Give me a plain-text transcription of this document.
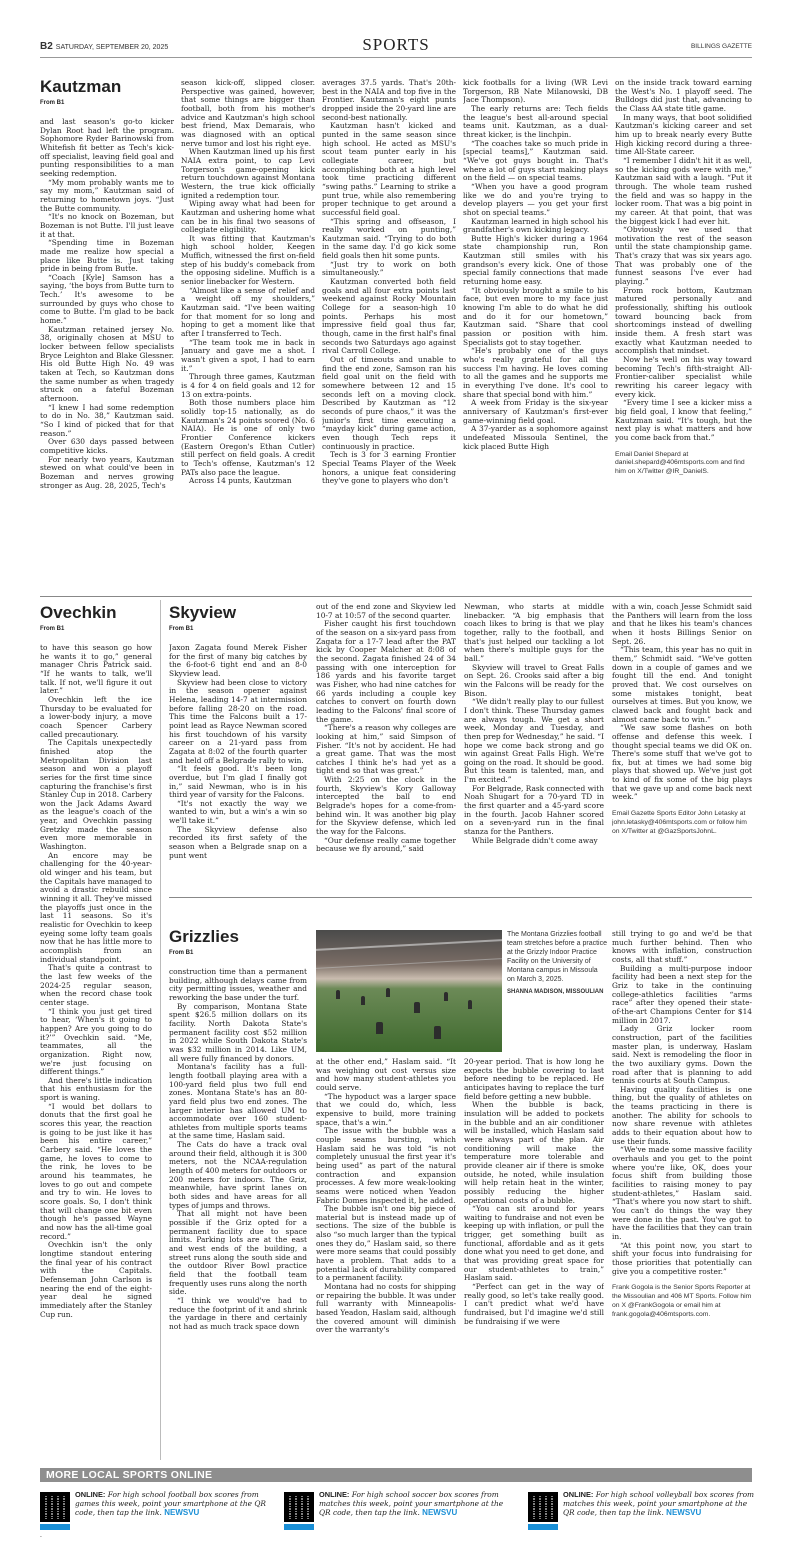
B2 SATURDAY, SEPTEMBER 20, 2025	SPORTS	BILLINGS GAZETTE
Kautzman
From B1

and last season's go-to kicker Dylan Root had left the program. Sophomore Ryder Barinowski from Whitefish fit better as Tech's kick-off specialist, leaving field goal and punting responsibilities to a man seeking redemption.

“My mom probably wants me to say my mom,” Kautzman said of returning to hometown joys. “Just the Butte community.

“It's no knock on Bozeman, but Bozeman is not Butte. I'll just leave it at that.

“Spending time in Bozeman made me realize how special a place like Butte is. Just taking pride in being from Butte.

“Coach [Kyle] Samson has a saying, ‘the boys from Butte turn to Tech.’ It's awesome to be surrounded by guys who chose to come to Butte. I'm glad to be back home.”

Kautzman retained jersey No. 38, originally chosen at MSU to locker between fellow specialists Bryce Leighton and Blake Glessner. His old Butte High No. 49 was taken at Tech, so Kautzman dons the same number as when tragedy struck on a fateful Bozeman afternoon.

“I knew I had some redemption to do in No. 38,” Kautzman said. “So I kind of picked that for that reason.”

Over 630 days passed between competitive kicks.

For nearly two years, Kautzman stewed on what could've been in Bozeman and nerves growing stronger as Aug. 28, 2025, Tech's

season kick-off, slipped closer. Perspective was gained, however, that some things are bigger than football, both from his mother's advice and Kautzman's high school best friend, Max Demarais, who was diagnosed with an optical nerve tumor and lost his right eye.

When Kautzman lined up his first NAIA extra point, to cap Levi Torgerson's game-opening kick return touchdown against Montana Western, the true kick officially ignited a redemption tour.

Wiping away what had been for Kautzman and ushering home what can be in his final two seasons of collegiate eligibility.

It was fitting that Kautzman's high school holder, Keegen Muffich, witnessed the first on-field step of his buddy's comeback from the opposing sideline. Muffich is a senior linebacker for Western.

“Almost like a sense of relief and a weight off my shoulders,” Kautzman said. “I've been waiting for that moment for so long and hoping to get a moment like that after I transferred to Tech.

“The team took me in back in January and gave me a shot. I wasn't given a spot, I had to earn it.”

Through three games, Kautzman is 4 for 4 on field goals and 12 for 13 on extra-points.

Both those numbers place him solidly top-15 nationally, as do Kautzman's 24 points scored (No. 6 NAIA). He is one of only two Frontier Conference kickers (Eastern Oregon's Ethan Cutler) still perfect on field goals. A credit to Tech's offense, Kautzman's 12 PATs also pace the league.

Across 14 punts, Kautzman

averages 37.5 yards. That's 20th-best in the NAIA and top five in the Frontier. Kautzman's eight punts dropped inside the 20-yard line are second-best nationally.

Kautzman hasn't kicked and punted in the same season since high school. He acted as MSU's scout team punter early in his collegiate career, but accomplishing both at a high level took time practicing different “swing paths.” Learning to strike a punt true, while also remembering proper technique to get around a successful field goal.

“This spring and offseason, I really worked on punting,” Kautzman said. “Trying to do both in the same day. I'd go kick some field goals then hit some punts.

“Just try to work on both simultaneously.”

Kautzman converted both field goals and all four extra points last weekend against Rocky Mountain College for a season-high 10 points. Perhaps his most impressive field goal thus far, though, came in the first half's final seconds two Saturdays ago against rival Carroll College.

Out of timeouts and unable to find the end zone, Samson ran his field goal unit on the field with somewhere between 12 and 15 seconds left on a moving clock. Described by Kautzman as “12 seconds of pure chaos,” it was the junior's first time executing a “mayday kick” during game action, even though Tech reps it continuously in practice.

Tech is 3 for 3 earning Frontier Special Teams Player of the Week honors, a unique feat considering they've gone to players who don't

kick footballs for a living (WR Levi Torgerson, RB Nate Milanowski, DB Jace Thompson).

The early returns are: Tech fields the league's best all-around special teams unit. Kautzman, as a dual-threat kicker, is the linchpin.

“The coaches take so much pride in [special teams],” Kautzman said. “We've got guys bought in. That's where a lot of guys start making plays on the field — on special teams.

“When you have a good program like we do and you're trying to develop players — you get your first shot on special teams.”

Kautzman learned in high school his grandfather's own kicking legacy.

Butte High's kicker during a 1964 state championship run, Ron Kautzman still smiles with his grandson's every kick. One of those special family connections that made returning home easy.

“It obviously brought a smile to his face, but even more to my face just knowing I'm able to do what he did and do it for our hometown,” Kautzman said. “Share that cool passion or position with him. Specialists got to stay together.

“He's probably one of the guys who's really grateful for all the success I'm having. He loves coming to all the games and he supports me in everything I've done. It's cool to share that special bond with him.”

A week from Friday is the six-year anniversary of Kautzman's first-ever game-winning field goal.

A 37-yarder as a sophomore against undefeated Missoula Sentinel, the kick placed Butte High

on the inside track toward earning the West's No. 1 playoff seed. The Bulldogs did just that, advancing to the Class AA state title game.

In many ways, that boot solidified Kautzman's kicking career and set him up to break nearly every Butte High kicking record during a three-time All-State career.

“I remember I didn't hit it as well, so the kicking gods were with me,” Kautzman said with a laugh. “Put it through. The whole team rushed the field and was so happy in the locker room. That was a big point in my career. At that point, that was the biggest kick I had ever hit.

“Obviously we used that motivation the rest of the season until the state championship game. That's crazy that was six years ago. That was probably one of the funnest seasons I've ever had playing.”

From rock bottom, Kautzman matured personally and professionally, shifting his outlook toward bouncing back from shortcomings instead of dwelling inside them. A fresh start was exactly what Kautzman needed to accomplish that mindset.

Now he's well on his way toward becoming Tech's fifth-straight All-Frontier-caliber specialist while rewriting his career legacy with every kick.

“Every time I see a kicker miss a big field goal, I know that feeling,” Kautzman said. “It's tough, but the next play is what matters and how you come back from that.”

Email Daniel Shepard at daniel.shepard@406mtsports.com and find him on X/Twitter @IR_DanielS.
Ovechkin
From B1

to have this season go how he wants it to go,” general manager Chris Patrick said. “If he wants to talk, we'll talk. If not, we'll figure it out later.”

Ovechkin left the ice Thursday to be evaluated for a lower-body injury, a move coach Spencer Carbery called precautionary.

The Capitals unexpectedly finished atop the Metropolitan Division last season and won a playoff series for the first time since capturing the franchise's first Stanley Cup in 2018. Carbery won the Jack Adams Award as the league's coach of the year, and Ovechkin passing Gretzky made the season even more memorable in Washington.

An encore may be challenging for the 40-year-old winger and his team, but the Capitals have managed to avoid a drastic rebuild since winning it all. They've missed the playoffs just once in the last 11 seasons. So it's realistic for Ovechkin to keep eyeing some lofty team goals now that he has little more to accomplish from an individual standpoint.

That's quite a contrast to the last few weeks of the 2024-25 regular season, when the record chase took center stage.

“I think you just get tired to hear, ‘When's it going to happen? Are you going to do it?’” Ovechkin said. “Me, teammates, all the organization. Right now, we're just focusing on different things.”

And there's little indication that his enthusiasm for the sport is waning.

“I would bet dollars to donuts that the first goal he scores this year, the reaction is going to be just like it has been his entire career,” Carbery said. “He loves the game, he loves to come to the rink, he loves to be around his teammates, he loves to go out and compete and try to win. He loves to score goals. So, I don't think that will change one bit even though he's passed Wayne and now has the all-time goal record.”

Ovechkin isn't the only longtime standout entering the final year of his contract with the Capitals. Defenseman John Carlson is nearing the end of the eight-year deal he signed immediately after the Stanley Cup run.

Skyview
From B1

Jaxon Zagata found Merek Fisher for the first of many big catches by the 6-foot-6 tight end and an 8-0 Skyview lead.

Skyview had been close to victory in the season opener against Helena, leading 14-7 at intermission before falling 28-20 on the road. This time the Falcons built a 17-point lead as Rayce Newman scored his first touchdown of his varsity career on a 21-yard pass from Zagata at 8:02 of the fourth quarter and held off a Belgrade rally to win.

“It feels good. It's been long overdue, but I'm glad I finally got in,” said Newman, who is in his third year of varsity for the Falcons.

“It's not exactly the way we wanted to win, but a win's a win so we'll take it.”

The Skyview defense also recorded its first safety of the season when a Belgrade snap on a punt went

out of the end zone and Skyview led 10-7 at 10:57 of the second quarter.

Fisher caught his first touchdown of the season on a six-yard pass from Zagata for a 17-7 lead after the PAT kick by Cooper Malcher at 8:08 of the second. Zagata finished 24 of 34 passing with one interception for 186 yards and his favorite target was Fisher, who had nine catches for 66 yards including a couple key catches to convert on fourth down leading to the Falcons' final score of the game.

“There's a reason why colleges are looking at him,” said Simpson of Fisher. “It's not by accident. He had a great game. That was the most catches I think he's had yet as a tight end so that was great.”

With 2:25 on the clock in the fourth, Skyview's Kory Galloway intercepted the ball to end Belgrade's hopes for a come-from-behind win. It was another big play for the Skyview defense, which led the way for the Falcons.

“Our defense really came together because we fly around,” said

Newman, who starts at middle linebacker. “A big emphasis that coach likes to bring is that we play together, rally to the football, and that's just helped our tackling a lot when there's multiple guys for the ball.”

Skyview will travel to Great Falls on Sept. 26. Crooks said after a big win the Falcons will be ready for the Bison.

“We didn't really play to our fullest I don't think. These Thursday games are always tough. We get a short week, Monday and Tuesday, and then prep for Wednesday,” he said. “I hope we come back strong and go win against Great Falls High. We're going on the road. It should be good. But this team is talented, man, and I'm excited.”

For Belgrade, Rask connected with Noah Shugart for a 70-yard TD in the first quarter and a 45-yard score in the fourth. Jacob Hahner scored on a seven-yard run in the final stanza for the Panthers.

While Belgrade didn't come away

with a win, coach Jesse Schmidt said the Panthers will learn from the loss and that he likes his team's chances when it hosts Billings Senior on Sept. 26.

“This team, this year has no quit in them,” Schmidt said. “We've gotten down in a couple of games and we fought till the end. And tonight proved that. We cost ourselves on some mistakes tonight, beat ourselves at times. But you know, we clawed back and fought back and almost came back to win.”

“We saw some flashes on both offense and defense this week. I thought special teams we did OK on. There's some stuff that we've got to fix, but at times we had some big plays that showed up. We've just got to kind of fix some of the big plays that we gave up and come back next week.”

Email Gazette Sports Editor John Letasky at john.letasky@406mtsports.com or follow him on X/Twitter at @GazSportsJohnL.
Grizzlies
From B1

construction time than a permanent building, although delays came from city permitting issues, weather and reworking the base under the turf.

By comparison, Montana State spent $26.5 million dollars on its facility. North Dakota State's permanent facility cost $52 million in 2022 while South Dakota State's was $32 million in 2014. Like UM, all were fully financed by donors.

Montana's facility has a full-length football playing area with a 100-yard field plus two full end zones. Montana State's has an 80-yard field plus two end zones. The larger interior has allowed UM to accommodate over 160 student-athletes from multiple sports teams at the same time, Haslam said.

The Cats do have a track oval around their field, although it is 300 meters, not the NCAA-regulation length of 400 meters for outdoors or 200 meters for indoors. The Griz, meanwhile, have sprint lanes on both sides and have areas for all types of jumps and throws.

That all might not have been possible if the Griz opted for a permanent facility due to space limits. Parking lots are at the east and west ends of the building, a street runs along the south side and the outdoor River Bowl practice field that the football team frequently uses runs along the north side.

“I think we would've had to reduce the footprint of it and shrink the yardage in there and certainly not had as much track space down

The Montana Grizzlies football team stretches before a practice at the Grizzly Indoor Practice Facility on the University of Montana campus in Missoula on March 3, 2025.
SHANNA MADISON, MISSOULIAN

at the other end,” Haslam said. “It was weighing out cost versus size and how many student-athletes you could serve.

“The hypoduct was a larger space that we could do, which, less expensive to build, more training space, that's a win.”

The issue with the bubble was a couple seams bursting, which Haslam said he was told “is not completely unusual the first year it's being used” as part of the natural contraction and expansion processes. A few more weak-looking seams were noticed when Yeadon Fabric Domes inspected it, he added.

The bubble isn't one big piece of material but is instead made up of sections. The size of the bubble is also “so much larger than the typical ones they do,” Haslam said, so there were more seams that could possibly have a problem. That adds to a potential lack of durability compared to a permanent facility.

Montana had no costs for shipping or repairing the bubble. It was under full warranty with Minneapolis-based Yeadon, Haslam said, although the covered amount will diminish over the warranty's

20-year period. That is how long he expects the bubble covering to last before needing to be replaced. He anticipates having to replace the turf field before getting a new bubble.

When the bubble is back, insulation will be added to pockets in the bubble and an air conditioner will be installed, which Haslam said were always part of the plan. Air conditioning will make the temperature more tolerable and provide cleaner air if there is smoke outside, he noted, while insulation will help retain heat in the winter, possibly reducing the higher operational costs of a bubble.

“You can sit around for years waiting to fundraise and not even be keeping up with inflation, or pull the trigger, get something built as functional, affordable and as it gets done what you need to get done, and that was providing great space for our student-athletes to train,” Haslam said.

“Perfect can get in the way of really good, so let's take really good. I can't predict what we'd have fundraised, but I'd imagine we'd still be fundraising if we were

still trying to go and we'd be that much further behind. Then who knows with inflation, construction costs, all that stuff.”

Building a multi-purpose indoor facility had been a next step for the Griz to take in the continuing college-athletics facilities “arms race” after they opened their state-of-the-art Champions Center for $14 million in 2017.

Lady Griz locker room construction, part of the facilities master plan, is underway, Haslam said. Next is remodeling the floor in the two auxiliary gyms. Down the road after that is planning to add tennis courts at South Campus.

Having quality facilities is one thing, but the quality of athletes on the teams practicing in there is another. The ability for schools to now share revenue with athletes adds to their equation about how to use their funds.

“We've made some massive facility overhauls and you get to the point where you're like, OK, does your focus shift from building those facilities to raising money to pay student-athletes,” Haslam said. “That's where you now start to shift. You can't do things the way they were done in the past. You've got to have the facilities that they can train in.

“At this point now, you start to shift your focus into fundraising for those priorities that potentially can give you a competitive roster.”

Frank Gogola is the Senior Sports Reporter at the Missoulian and 406 MT Sports. Follow him on X @FrankGogola or email him at frank.gogola@406mtsports.com.
MORE LOCAL SPORTS ONLINE
ONLINE: For high school football box scores from games this week, point your smartphone at the QR code, then tap the link. NEWSVU
ONLINE: For high school soccer box scores from matches this week, point your smartphone at the QR code, then tap the link. NEWSVU
ONLINE: For high school volleyball box scores from matches this week, point your smartphone at the QR code, then tap the link. NEWSVU
.
